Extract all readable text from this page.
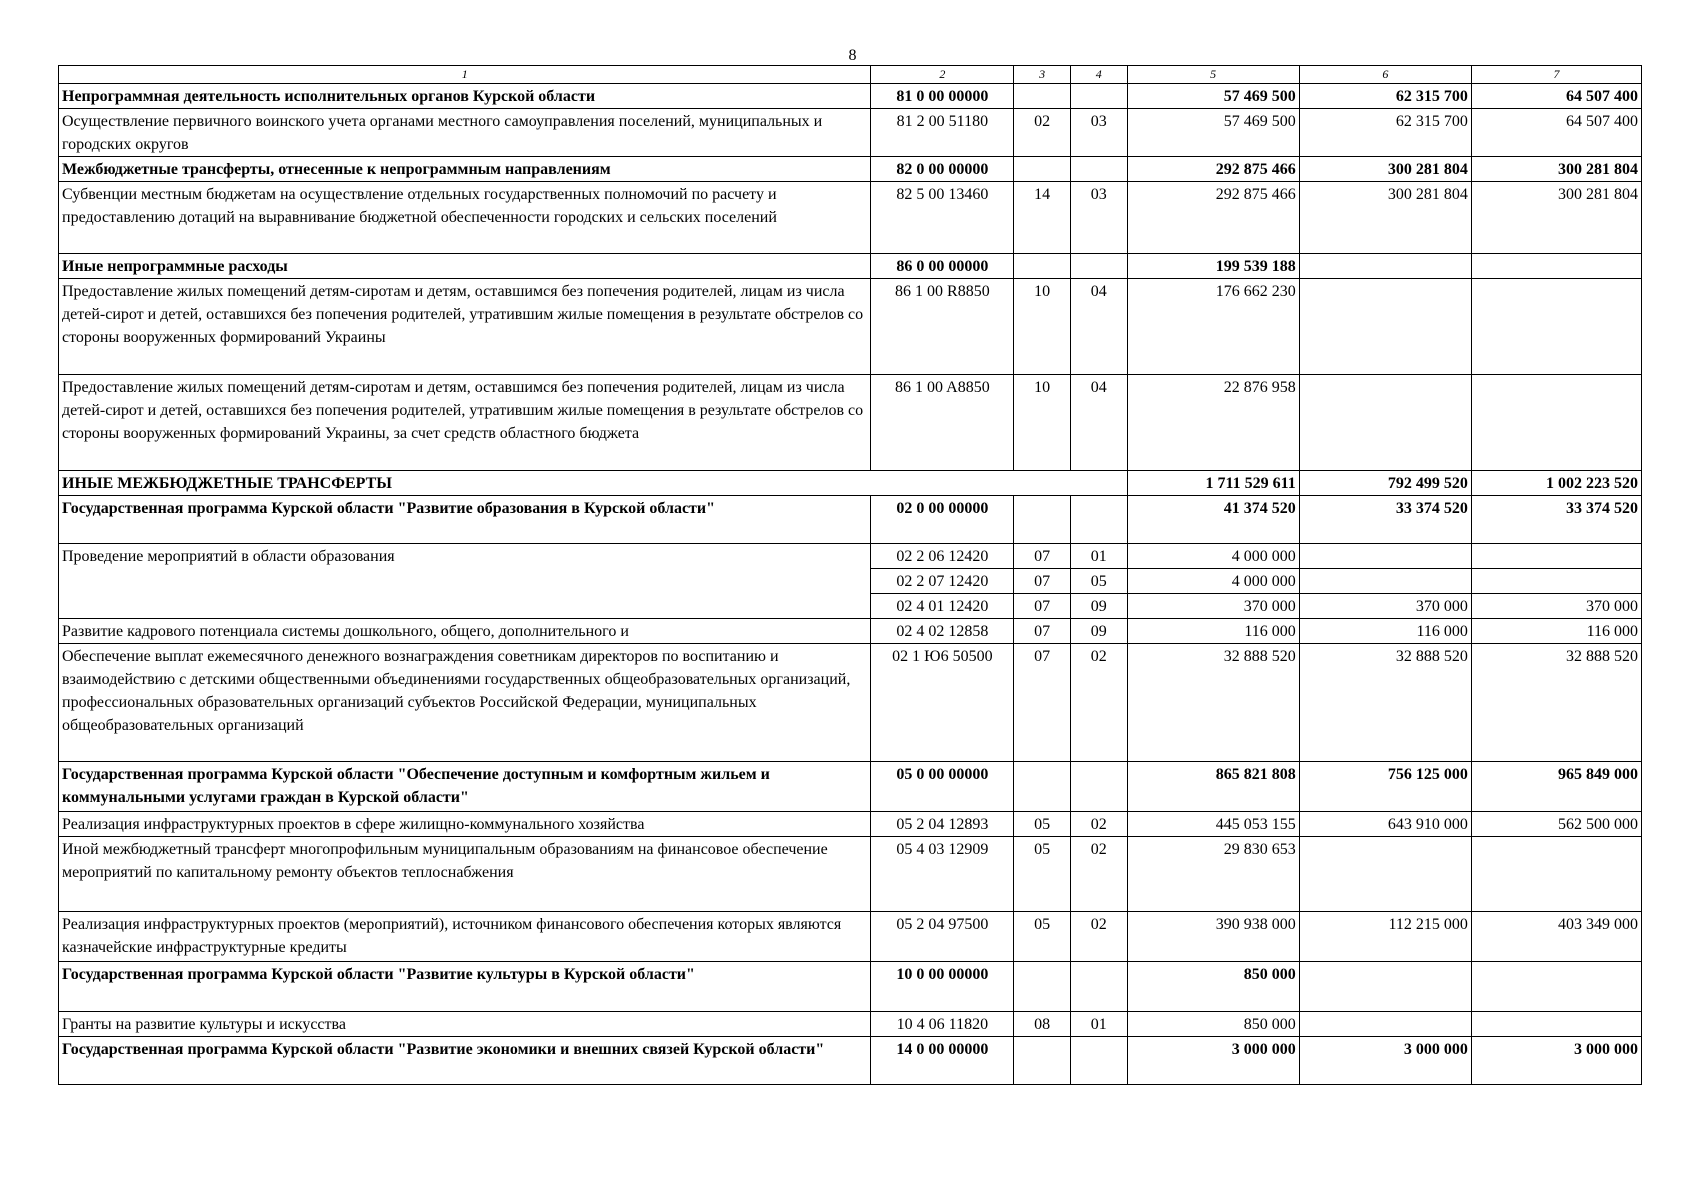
8
1	2	3	4	5	6	7
Непрограммная деятельность исполнительных органов Курской области	81 0 00 00000			57 469 500	62 315 700	64 507 400
Осуществление первичного воинского учета органами местного самоуправления поселений, муниципальных и городских округов	81 2 00 51180	02	03	57 469 500	62 315 700	64 507 400
Межбюджетные трансферты, отнесенные к непрограммным направлениям	82 0 00 00000			292 875 466	300 281 804	300 281 804
Субвенции местным бюджетам на осуществление отдельных государственных полномочий по расчету и предоставлению дотаций на выравнивание бюджетной обеспеченности городских и сельских поселений	82 5 00 13460	14	03	292 875 466	300 281 804	300 281 804
Иные непрограммные расходы	86 0 00 00000			199 539 188		
Предоставление жилых помещений детям-сиротам и детям, оставшимся без попечения родителей, лицам из числа детей-сирот и детей, оставшихся без попечения родителей, утратившим жилые помещения в результате обстрелов со стороны вооруженных формирований Украины	86 1 00 R8850	10	04	176 662 230		
Предоставление жилых помещений детям-сиротам и детям, оставшимся без попечения родителей, лицам из числа детей-сирот и детей, оставшихся без попечения родителей, утратившим жилые помещения в результате обстрелов со стороны вооруженных формирований Украины, за счет средств областного бюджета	86 1 00 A8850	10	04	22 876 958		
ИНЫЕ МЕЖБЮДЖЕТНЫЕ ТРАНСФЕРТЫ				1 711 529 611	792 499 520	1 002 223 520
Государственная программа Курской области "Развитие образования в Курской области"	02 0 00 00000			41 374 520	33 374 520	33 374 520
Проведение мероприятий в области образования	02 2 06 12420	07	01	4 000 000		
	02 2 07 12420	07	05	4 000 000		
	02 4 01 12420	07	09	370 000	370 000	370 000
Развитие кадрового потенциала системы дошкольного, общего, дополнительного и	02 4 02 12858	07	09	116 000	116 000	116 000
Обеспечение выплат ежемесячного денежного вознаграждения советникам директоров по воспитанию и взаимодействию с детскими общественными объединениями государственных общеобразовательных организаций, профессиональных образовательных организаций субъектов Российской Федерации, муниципальных общеобразовательных организаций	02 1 Ю6 50500	07	02	32 888 520	32 888 520	32 888 520
Государственная программа Курской области "Обеспечение доступным и комфортным жильем и коммунальными услугами граждан в Курской области"	05 0 00 00000			865 821 808	756 125 000	965 849 000
Реализация инфраструктурных проектов в сфере жилищно-коммунального хозяйства	05 2 04 12893	05	02	445 053 155	643 910 000	562 500 000
Иной межбюджетный трансферт многопрофильным муниципальным образованиям на финансовое обеспечение мероприятий по капитальному ремонту объектов теплоснабжения	05 4 03 12909	05	02	29 830 653		
Реализация инфраструктурных проектов (мероприятий), источником финансового обеспечения которых являются казначейские инфраструктурные кредиты	05 2 04 97500	05	02	390 938 000	112 215 000	403 349 000
Государственная программа Курской области "Развитие культуры в Курской области"	10 0 00 00000			850 000		
Гранты на развитие культуры и искусства	10 4 06 11820	08	01	850 000		
Государственная программа Курской области "Развитие экономики и внешних связей Курской области"	14 0 00 00000			3 000 000	3 000 000	3 000 000
